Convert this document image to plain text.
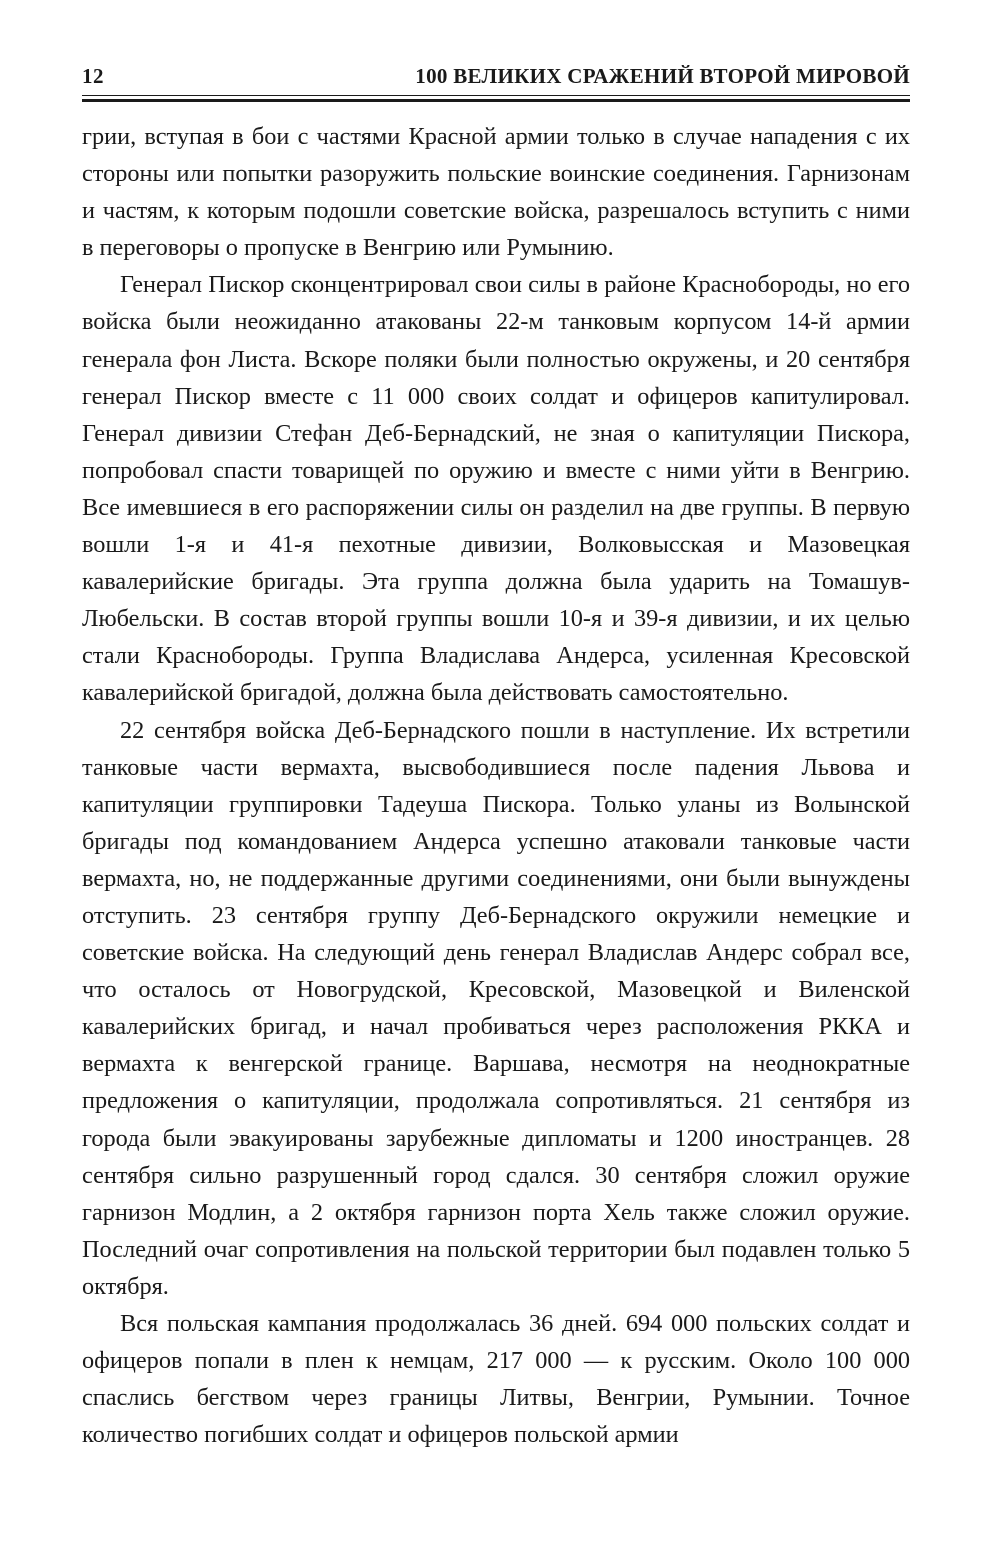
12	100 ВЕЛИКИХ СРАЖЕНИЙ ВТОРОЙ МИРОВОЙ

грии, вступая в бои с частями Красной армии только в случае нападения с их стороны или попытки разоружить польские воинские соединения. Гарнизонам и частям, к которым подошли советские войска, разрешалось вступить с ними в переговоры о пропуске в Венгрию или Румынию.

Генерал Пискор сконцентрировал свои силы в районе Краснобороды, но его войска были неожиданно атакованы 22-м танковым корпусом 14-й армии генерала фон Листа. Вскоре поляки были полностью окружены, и 20 сентября генерал Пискор вместе с 11 000 своих солдат и офицеров капитулировал. Генерал дивизии Стефан Деб-Бернадский, не зная о капитуляции Пискора, попробовал спасти товарищей по оружию и вместе с ними уйти в Венгрию. Все имевшиеся в его распоряжении силы он разделил на две группы. В первую вошли 1-я и 41-я пехотные дивизии, Волковысская и Мазовецкая кавалерийские бригады. Эта группа должна была ударить на Томашув-Любельски. В состав второй группы вошли 10-я и 39-я дивизии, и их целью стали Краснобороды. Группа Владислава Андерса, усиленная Кресовской кавалерийской бригадой, должна была действовать самостоятельно.

22 сентября войска Деб-Бернадского пошли в наступление. Их встретили танковые части вермахта, высвободившиеся после падения Львова и капитуляции группировки Тадеуша Пискора. Только уланы из Волынской бригады под командованием Андерса успешно атаковали танковые части вермахта, но, не поддержанные другими соединениями, они были вынуждены отступить. 23 сентября группу Деб-Бернадского окружили немецкие и советские войска. На следующий день генерал Владислав Андерс собрал все, что осталось от Новогрудской, Кресовской, Мазовецкой и Виленской кавалерийских бригад, и начал пробиваться через расположения РККА и вермахта к венгерской границе. Варшава, несмотря на неоднократные предложения о капитуляции, продолжала сопротивляться. 21 сентября из города были эвакуированы зарубежные дипломаты и 1200 иностранцев. 28 сентября сильно разрушенный город сдался. 30 сентября сложил оружие гарнизон Модлин, а 2 октября гарнизон порта Хель также сложил оружие. Последний очаг сопротивления на польской территории был подавлен только 5 октября.

Вся польская кампания продолжалась 36 дней. 694 000 польских солдат и офицеров попали в плен к немцам, 217 000 — к русским. Около 100 000 спаслись бегством через границы Литвы, Венгрии, Румынии. Точное количество погибших солдат и офицеров польской армии
